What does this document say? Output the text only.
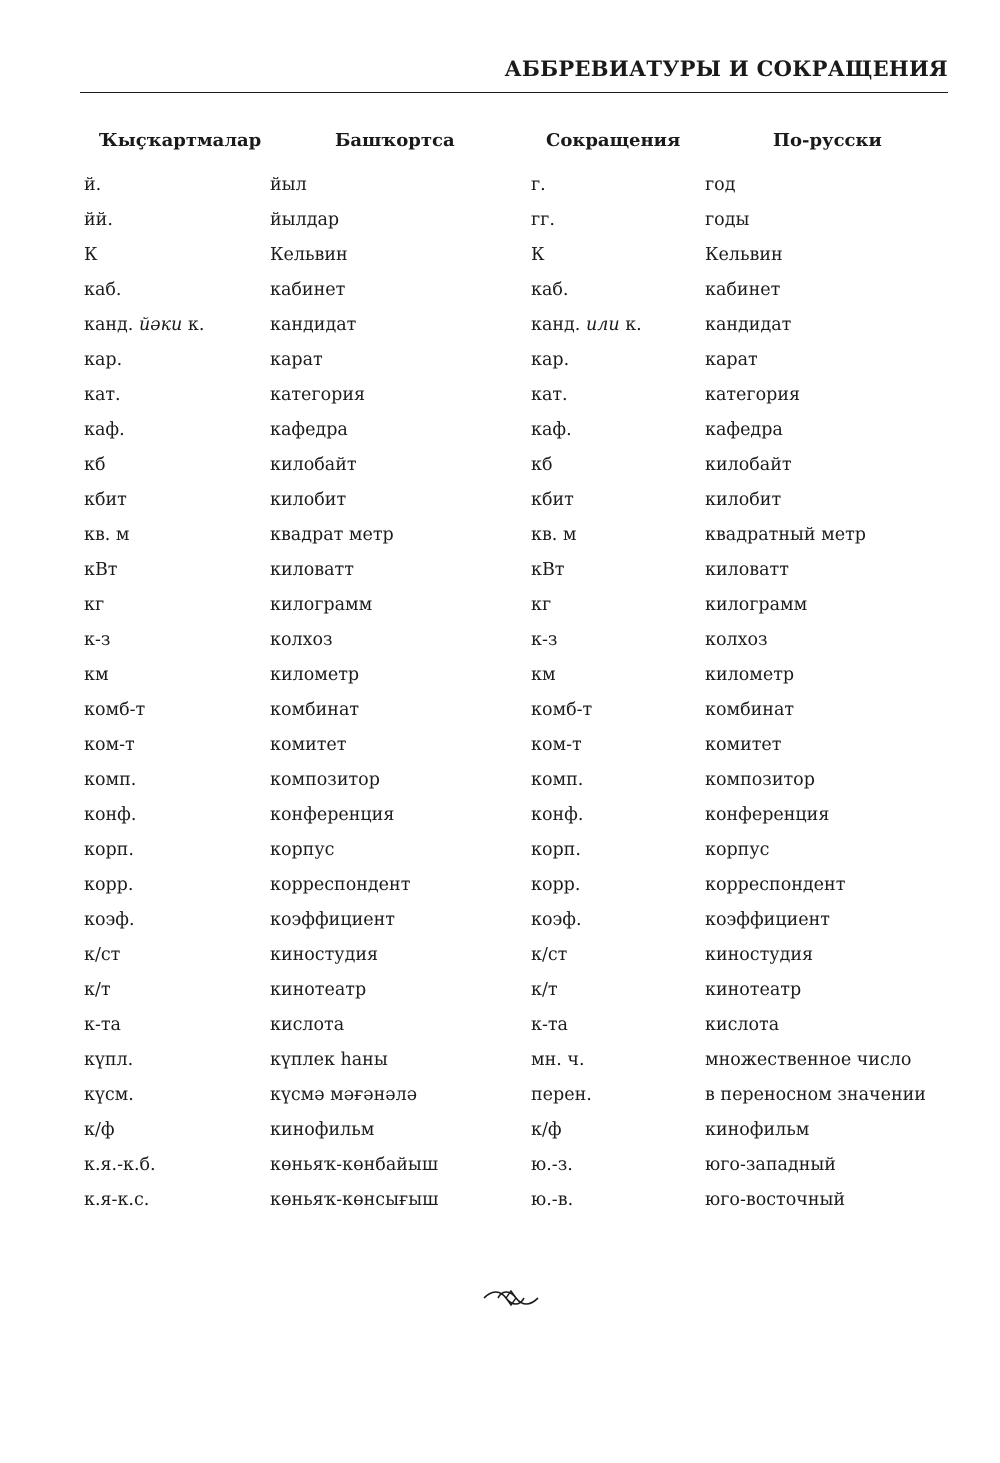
АББРЕВИАТУРЫ И СОКРАЩЕНИЯ
Ҡыҫҡартмалар	Башҡортса	Сокращения	По-русски
й.	йыл	г.	год
йй.	йылдар	гг.	годы
К	Кельвин	К	Кельвин
каб.	кабинет	каб.	кабинет
канд. йәки к.	кандидат	канд. или к.	кандидат
кар.	карат	кар.	карат
кат.	категория	кат.	категория
каф.	кафедра	каф.	кафедра
кб	килобайт	кб	килобайт
кбит	килобит	кбит	килобит
кв. м	квадрат метр	кв. м	квадратный метр
кВт	киловатт	кВт	киловатт
кг	килограмм	кг	килограмм
к-з	колхоз	к-з	колхоз
км	километр	км	километр
комб-т	комбинат	комб-т	комбинат
ком-т	комитет	ком-т	комитет
комп.	композитор	комп.	композитор
конф.	конференция	конф.	конференция
корп.	корпус	корп.	корпус
корр.	корреспондент	корр.	корреспондент
коэф.	коэффициент	коэф.	коэффициент
к/ст	киностудия	к/ст	киностудия
к/т	кинотеатр	к/т	кинотеатр
к-та	кислота	к-та	кислота
күпл.	күплек һаны	мн. ч.	множественное число
күсм.	күсмә мәғәнәлә	перен.	в переносном значении
к/ф	кинофильм	к/ф	кинофильм
к.я.-к.б.	көньяҡ-көнбайыш	ю.-з.	юго-западный
к.я-к.с.	көньяҡ-көнсығыш	ю.-в.	юго-восточный
